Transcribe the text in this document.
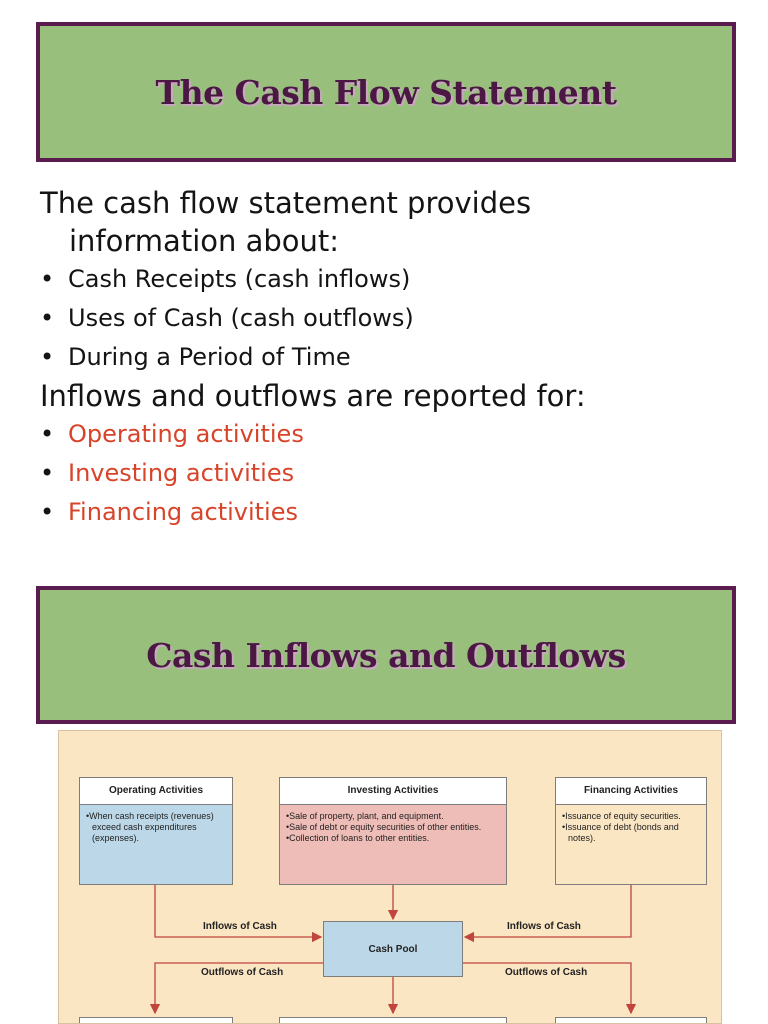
The Cash Flow Statement
The cash flow statement provides
information about:
• Cash Receipts (cash inflows)
• Uses of Cash (cash outflows)
• During a Period of Time
Inflows and outflows are reported for:
• Operating activities
• Investing activities
• Financing activities
Cash Inflows and Outflows
Operating Activities
• When cash receipts (revenues) exceed cash expenditures (expenses).
Investing Activities
• Sale of property, plant, and equipment.
• Sale of debt or equity securities of other entities.
• Collection of loans to other entities.
Financing Activities
• Issuance of equity securities.
• Issuance of debt (bonds and notes).
Cash Pool
Inflows of Cash	Inflows of Cash
Outflows of Cash	Outflows of Cash
